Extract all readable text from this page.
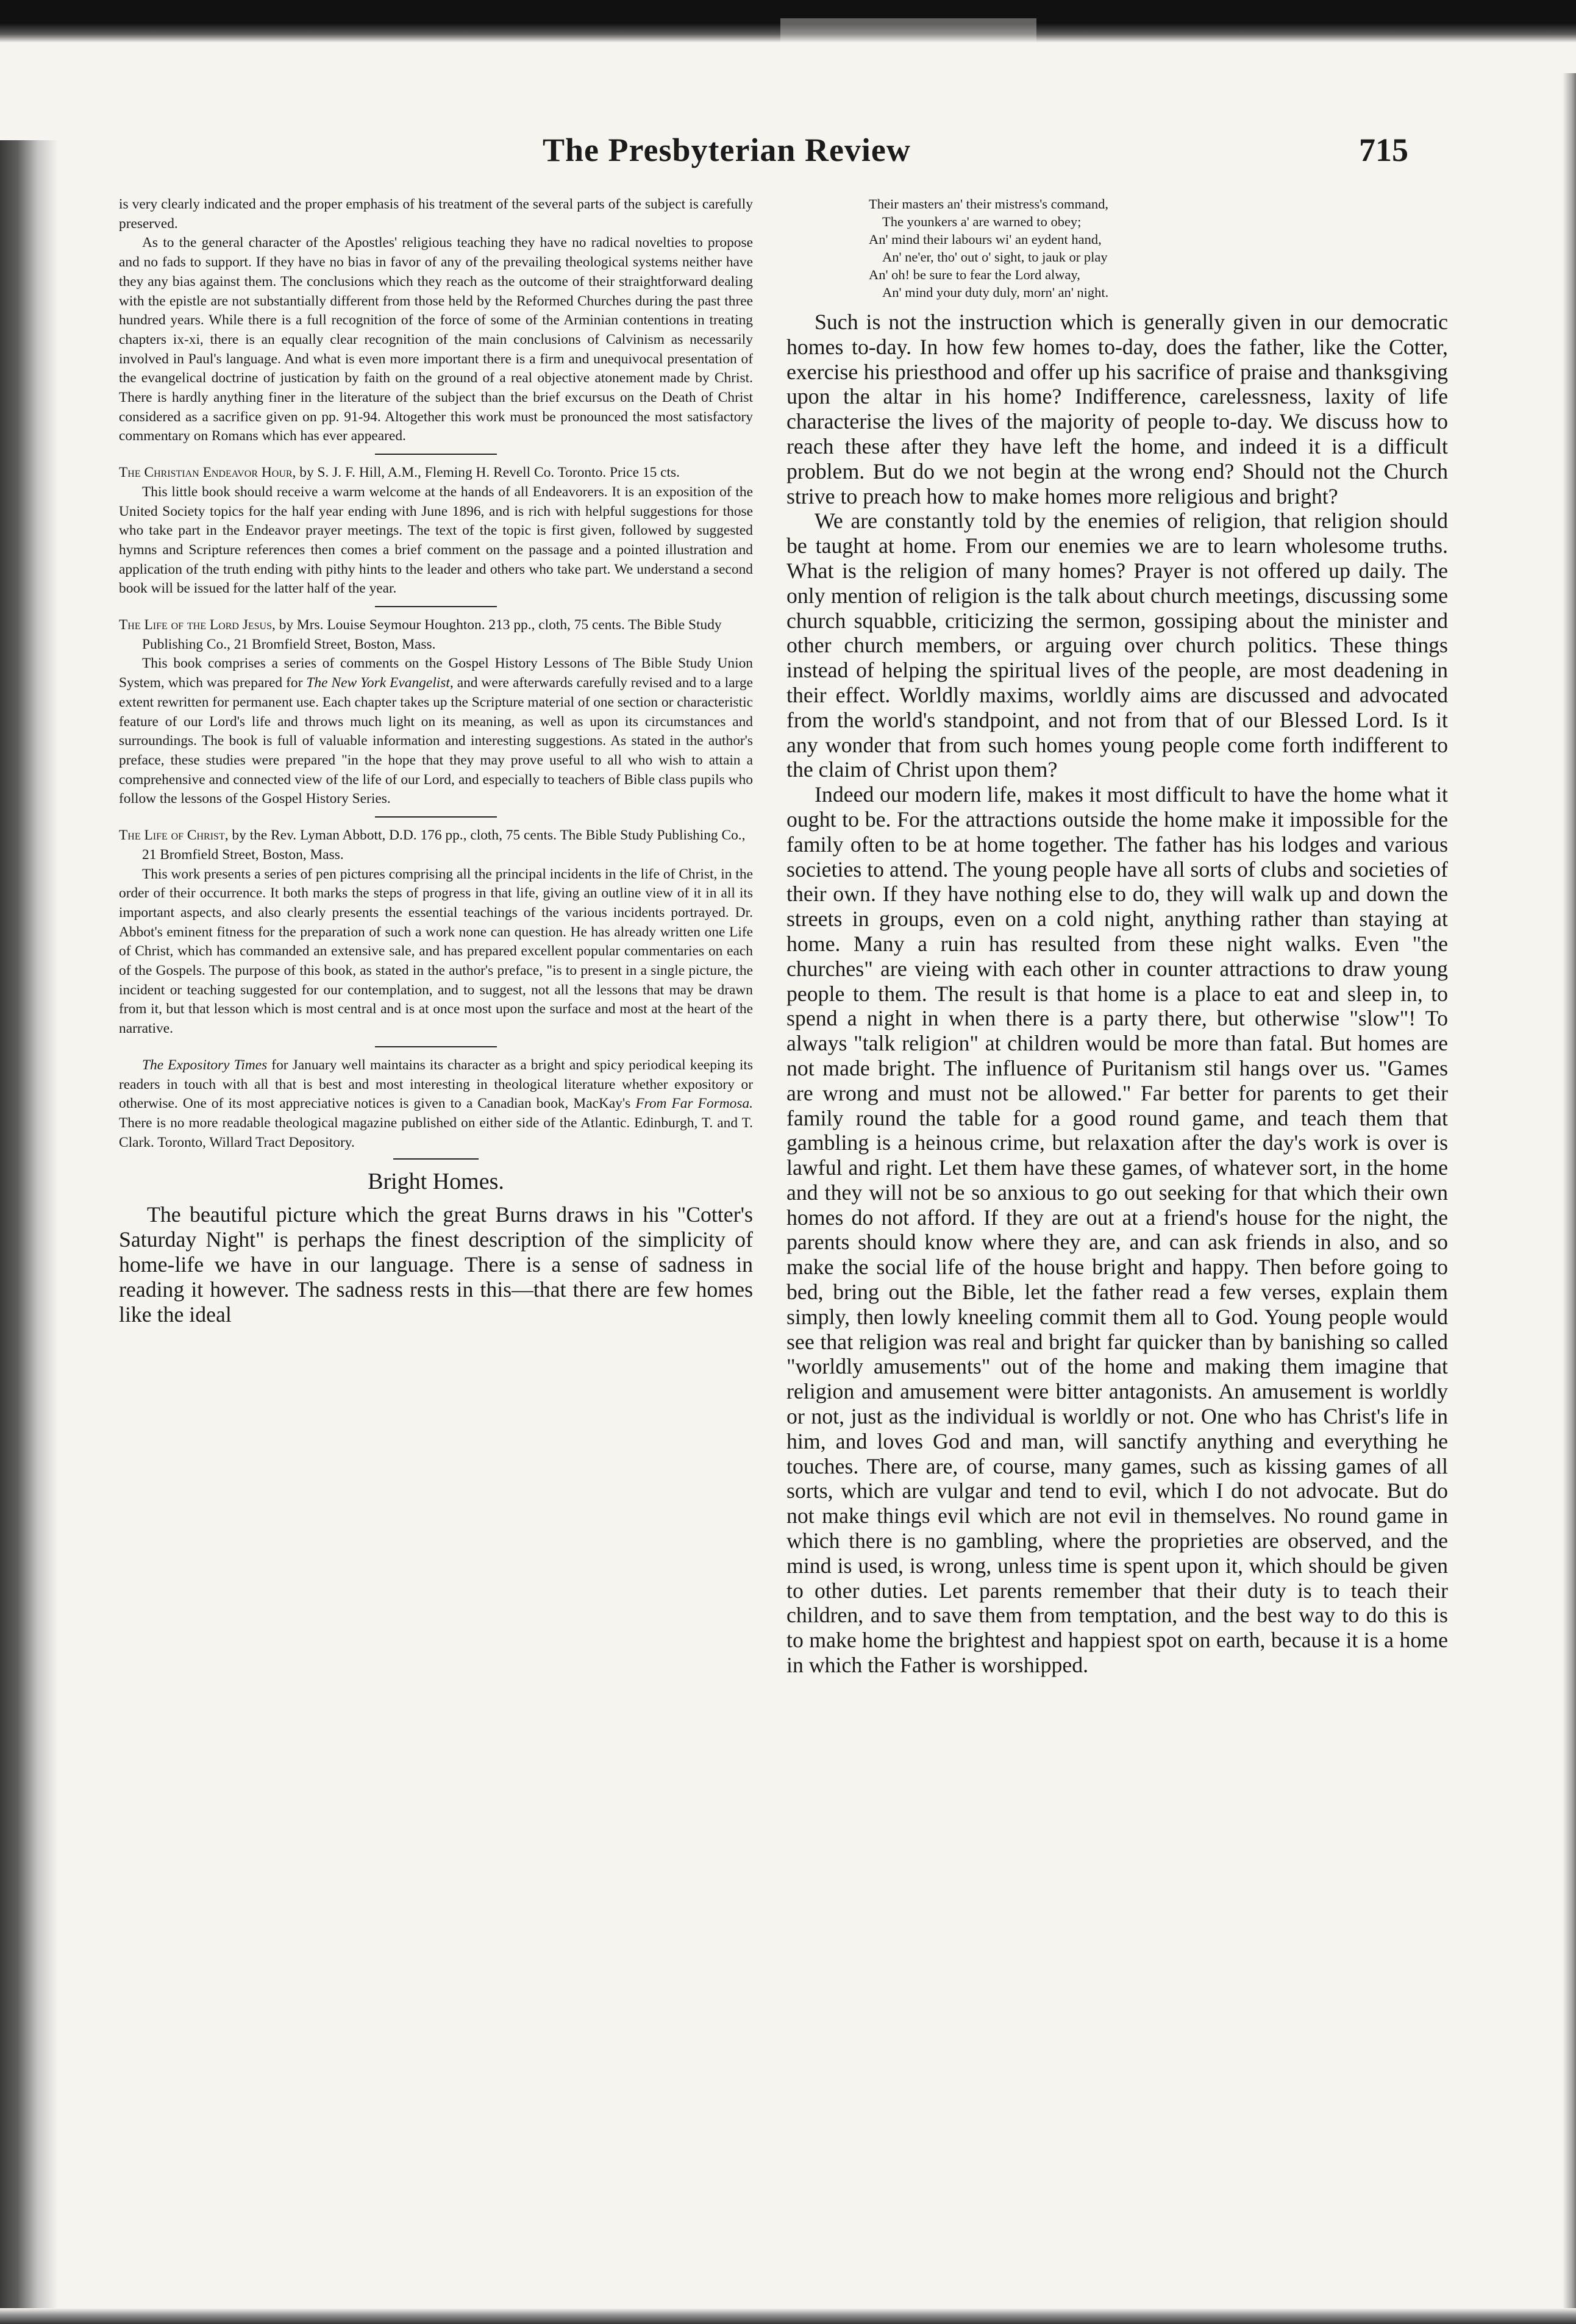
The Presbyterian Review	715

is very clearly indicated and the proper emphasis of his treatment of the several parts of the subject is carefully preserved.

As to the general character of the Apostles' religious teaching they have no radical novelties to propose and no fads to support. If they have no bias in favor of any of the prevailing theological systems neither have they any bias against them. The conclusions which they reach as the outcome of their straightforward dealing with the epistle are not substantially different from those held by the Reformed Churches during the past three hundred years. While there is a full recognition of the force of some of the Arminian contentions in treating chapters ix-xi, there is an equally clear recognition of the main conclusions of Calvinism as necessarily involved in Paul's language. And what is even more important there is a firm and unequivocal presentation of the evangelical doctrine of justication by faith on the ground of a real objective atonement made by Christ. There is hardly anything finer in the literature of the subject than the brief excursus on the Death of Christ considered as a sacrifice given on pp. 91-94. Altogether this work must be pronounced the most satisfactory commentary on Romans which has ever appeared.

The Christian Endeavor Hour, by S. J. F. Hill, A.M., Fleming H. Revell Co. Toronto. Price 15 cts.

This little book should receive a warm welcome at the hands of all Endeavorers. It is an exposition of the United Society topics for the half year ending with June 1896, and is rich with helpful suggestions for those who take part in the Endeavor prayer meetings. The text of the topic is first given, followed by suggested hymns and Scripture references then comes a brief comment on the passage and a pointed illustration and application of the truth ending with pithy hints to the leader and others who take part. We understand a second book will be issued for the latter half of the year.

The Life of the Lord Jesus, by Mrs. Louise Seymour Houghton. 213 pp., cloth, 75 cents. The Bible Study Publishing Co., 21 Bromfield Street, Boston, Mass.

This book comprises a series of comments on the Gospel History Lessons of The Bible Study Union System, which was prepared for The New York Evangelist, and were afterwards carefully revised and to a large extent rewritten for permanent use. Each chapter takes up the Scripture material of one section or characteristic feature of our Lord's life and throws much light on its meaning, as well as upon its circumstances and surroundings. The book is full of valuable information and interesting suggestions. As stated in the author's preface, these studies were prepared "in the hope that they may prove useful to all who wish to attain a comprehensive and connected view of the life of our Lord, and especially to teachers of Bible class pupils who follow the lessons of the Gospel History Series.

The Life of Christ, by the Rev. Lyman Abbott, D.D. 176 pp., cloth, 75 cents. The Bible Study Publishing Co., 21 Bromfield Street, Boston, Mass.

This work presents a series of pen pictures comprising all the principal incidents in the life of Christ, in the order of their occurrence. It both marks the steps of progress in that life, giving an outline view of it in all its important aspects, and also clearly presents the essential teachings of the various incidents portrayed. Dr. Abbot's eminent fitness for the preparation of such a work none can question. He has already written one Life of Christ, which has commanded an extensive sale, and has prepared excellent popular commentaries on each of the Gospels. The purpose of this book, as stated in the author's preface, "is to present in a single picture, the incident or teaching suggested for our contemplation, and to suggest, not all the lessons that may be drawn from it, but that lesson which is most central and is at once most upon the surface and most at the heart of the narrative.

The Expository Times for January well maintains its character as a bright and spicy periodical keeping its readers in touch with all that is best and most interesting in theological literature whether expository or otherwise. One of its most appreciative notices is given to a Canadian book, MacKay's From Far Formosa. There is no more readable theological magazine published on either side of the Atlantic. Edinburgh, T. and T. Clark. Toronto, Willard Tract Depository.

Bright Homes.

The beautiful picture which the great Burns draws in his "Cotter's Saturday Night" is perhaps the finest description of the simplicity of home-life we have in our language. There is a sense of sadness in reading it however. The sadness rests in this—that there are few homes like the ideal

Their masters an' their mistress's command,
The younkers a' are warned to obey;
An' mind their labours wi' an eydent hand,
An' ne'er, tho' out o' sight, to jauk or play
An' oh! be sure to fear the Lord alway,
An' mind your duty duly, morn' an' night.

Such is not the instruction which is generally given in our democratic homes to-day. In how few homes to-day, does the father, like the Cotter, exercise his priesthood and offer up his sacrifice of praise and thanksgiving upon the altar in his home? Indifference, carelessness, laxity of life characterise the lives of the majority of people to-day. We discuss how to reach these after they have left the home, and indeed it is a difficult problem. But do we not begin at the wrong end? Should not the Church strive to preach how to make homes more religious and bright?

We are constantly told by the enemies of religion, that religion should be taught at home. From our enemies we are to learn wholesome truths. What is the religion of many homes? Prayer is not offered up daily. The only mention of religion is the talk about church meetings, discussing some church squabble, criticizing the sermon, gossiping about the minister and other church members, or arguing over church politics. These things instead of helping the spiritual lives of the people, are most deadening in their effect. Worldly maxims, worldly aims are discussed and advocated from the world's standpoint, and not from that of our Blessed Lord. Is it any wonder that from such homes young people come forth indifferent to the claim of Christ upon them?

Indeed our modern life, makes it most difficult to have the home what it ought to be. For the attractions outside the home make it impossible for the family often to be at home together. The father has his lodges and various societies to attend. The young people have all sorts of clubs and societies of their own. If they have nothing else to do, they will walk up and down the streets in groups, even on a cold night, anything rather than staying at home. Many a ruin has resulted from these night walks. Even "the churches" are vieing with each other in counter attractions to draw young people to them. The result is that home is a place to eat and sleep in, to spend a night in when there is a party there, but otherwise "slow"! To always "talk religion" at children would be more than fatal. But homes are not made bright. The influence of Puritanism stil hangs over us. "Games are wrong and must not be allowed." Far better for parents to get their family round the table for a good round game, and teach them that gambling is a heinous crime, but relaxation after the day's work is over is lawful and right. Let them have these games, of whatever sort, in the home and they will not be so anxious to go out seeking for that which their own homes do not afford. If they are out at a friend's house for the night, the parents should know where they are, and can ask friends in also, and so make the social life of the house bright and happy. Then before going to bed, bring out the Bible, let the father read a few verses, explain them simply, then lowly kneeling commit them all to God. Young people would see that religion was real and bright far quicker than by banishing so called "worldly amusements" out of the home and making them imagine that religion and amusement were bitter antagonists. An amusement is worldly or not, just as the individual is worldly or not. One who has Christ's life in him, and loves God and man, will sanctify anything and everything he touches. There are, of course, many games, such as kissing games of all sorts, which are vulgar and tend to evil, which I do not advocate. But do not make things evil which are not evil in themselves. No round game in which there is no gambling, where the proprieties are observed, and the mind is used, is wrong, unless time is spent upon it, which should be given to other duties. Let parents remember that their duty is to teach their children, and to save them from temptation, and the best way to do this is to make home the brightest and happiest spot on earth, because it is a home in which the Father is worshipped.
